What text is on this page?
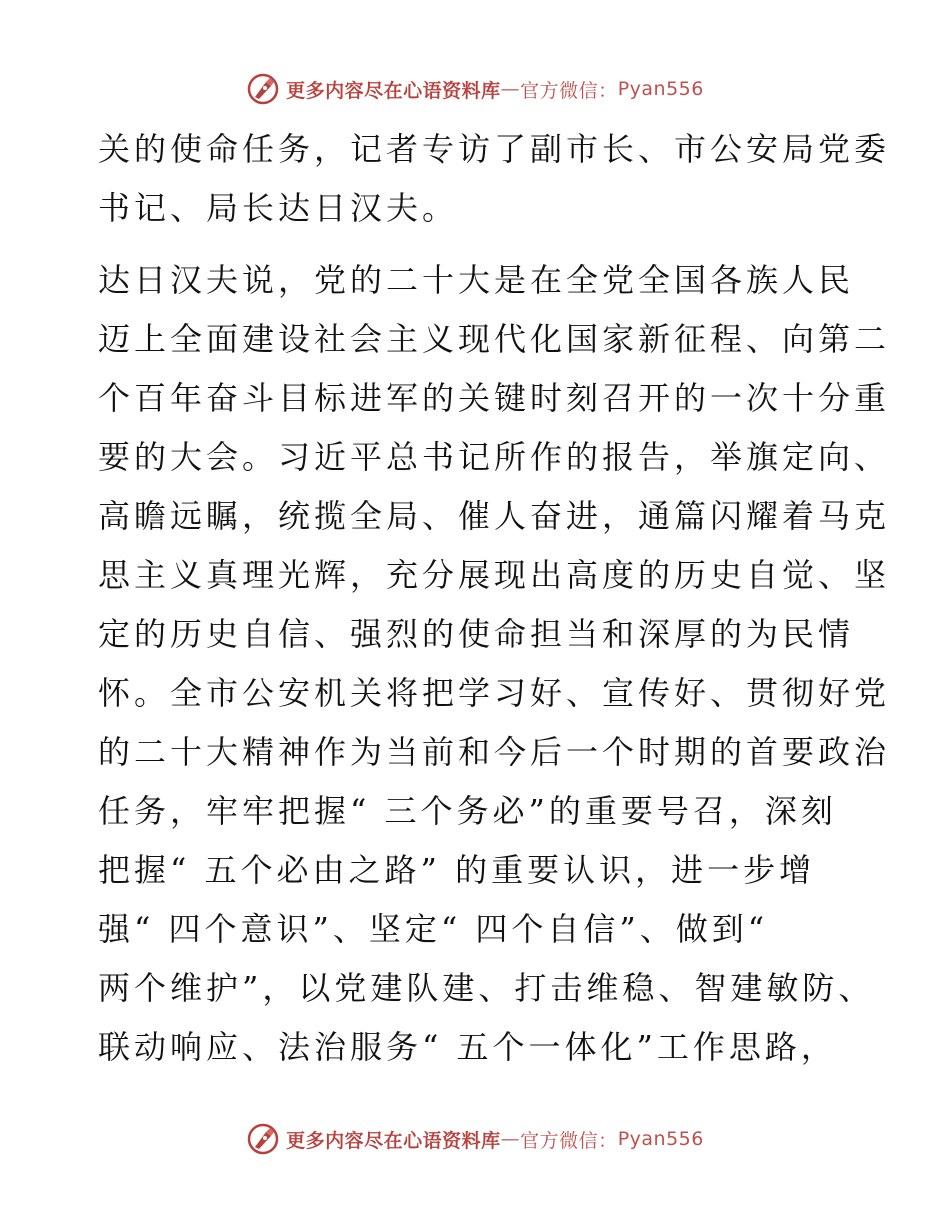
更多内容尽在心语资料库 — 官方微信： Pyan556

关的使命任务，记者专访了副市长、市公安局党委
书记、局长达日汉夫。

达日汉夫说，党的二十大是在全党全国各族人民
迈上全面建设社会主义现代化国家新征程、向第二
个百年奋斗目标进军的关键时刻召开的一次十分重
要的大会。习近平总书记所作的报告，举旗定向、
高瞻远瞩，统揽全局、催人奋进，通篇闪耀着马克
思主义真理光辉，充分展现出高度的历史自觉、坚
定的历史自信、强烈的使命担当和深厚的为民情
怀。全市公安机关将把学习好、宣传好、贯彻好党
的二十大精神作为当前和今后一个时期的首要政治
任务，牢牢把握“ 三个务必”的重要号召，深刻
把握“ 五个必由之路” 的重要认识，进一步增
强“ 四个意识”、坚定“ 四个自信”、做到“
两个维护”，以党建队建、打击维稳、智建敏防、
联动响应、法治服务“ 五个一体化”工作思路，

更多内容尽在心语资料库 — 官方微信： Pyan556
